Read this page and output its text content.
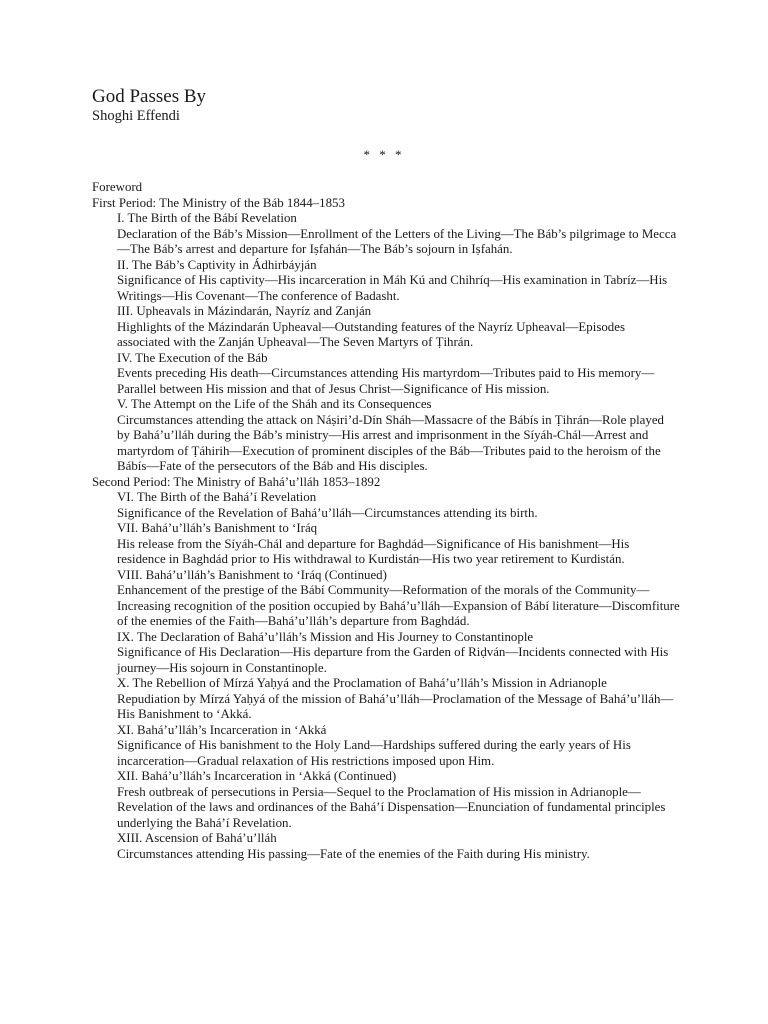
God Passes By
Shoghi Effendi
* * *

Foreword

First Period: The Ministry of the Báb 1844–1853

I. The Birth of the Bábí Revelation

Declaration of the Báb’s Mission—Enrollment of the Letters of the Living—The Báb’s pilgrimage to Mecca—The Báb’s arrest and departure for Iṣfahán—The Báb’s sojourn in Iṣfahán.

II. The Báb’s Captivity in Ádhirbáyján

Significance of His captivity—His incarceration in Máh Kú and Chihríq—His examination in Tabríz—His Writings—His Covenant—The conference of Badasht.

III. Upheavals in Mázindarán, Nayríz and Zanján

Highlights of the Mázindarán Upheaval—Outstanding features of the Nayríz Upheaval—Episodes associated with the Zanján Upheaval—The Seven Martyrs of Ṭihrán.

IV. The Execution of the Báb

Events preceding His death—Circumstances attending His martyrdom—Tributes paid to His memory—Parallel between His mission and that of Jesus Christ—Significance of His mission.

V. The Attempt on the Life of the Sháh and its Consequences

Circumstances attending the attack on Náṣiri’d-Dín Sháh—Massacre of the Bábís in Ṭihrán—Role played by Bahá’u’lláh during the Báb’s ministry—His arrest and imprisonment in the Síyáh-Chál—Arrest and martyrdom of Ṭáhirih—Execution of prominent disciples of the Báb—Tributes paid to the heroism of the Bábís—Fate of the persecutors of the Báb and His disciples.

Second Period: The Ministry of Bahá’u’lláh 1853–1892

VI. The Birth of the Bahá’í Revelation

Significance of the Revelation of Bahá’u’lláh—Circumstances attending its birth.

VII. Bahá’u’lláh’s Banishment to ‘Iráq

His release from the Síyáh-Chál and departure for Baghdád—Significance of His banishment—His residence in Baghdád prior to His withdrawal to Kurdistán—His two year retirement to Kurdistán.

VIII. Bahá’u’lláh’s Banishment to ‘Iráq (Continued)

Enhancement of the prestige of the Bábí Community—Reformation of the morals of the Community—Increasing recognition of the position occupied by Bahá’u’lláh—Expansion of Bábí literature—Discomfiture of the enemies of the Faith—Bahá’u’lláh’s departure from Baghdád.

IX. The Declaration of Bahá’u’lláh’s Mission and His Journey to Constantinople

Significance of His Declaration—His departure from the Garden of Riḍván—Incidents connected with His journey—His sojourn in Constantinople.

X. The Rebellion of Mírzá Yaḥyá and the Proclamation of Bahá’u’lláh’s Mission in Adrianople

Repudiation by Mírzá Yaḥyá of the mission of Bahá’u’lláh—Proclamation of the Message of Bahá’u’lláh—His Banishment to ‘Akká.

XI. Bahá’u’lláh’s Incarceration in ‘Akká

Significance of His banishment to the Holy Land—Hardships suffered during the early years of His incarceration—Gradual relaxation of His restrictions imposed upon Him.

XII. Bahá’u’lláh’s Incarceration in ‘Akká (Continued)

Fresh outbreak of persecutions in Persia—Sequel to the Proclamation of His mission in Adrianople—Revelation of the laws and ordinances of the Bahá’í Dispensation—Enunciation of fundamental principles underlying the Bahá’í Revelation.

XIII. Ascension of Bahá’u’lláh

Circumstances attending His passing—Fate of the enemies of the Faith during His ministry.
